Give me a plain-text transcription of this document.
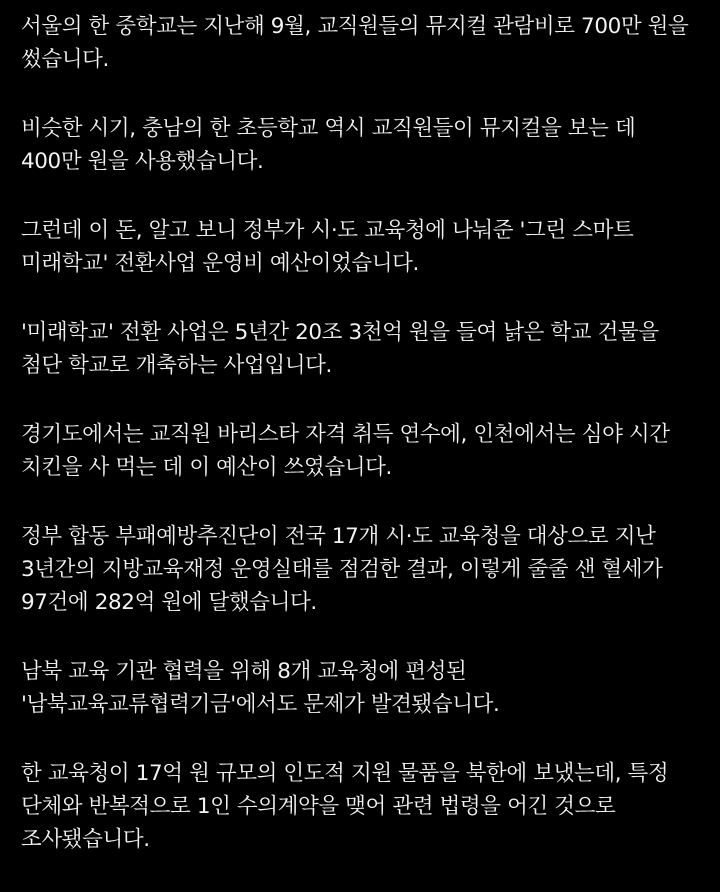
서울의 한 중학교는 지난해 9월, 교직원들의 뮤지컬 관람비로 700만 원을
썼습니다.

비슷한 시기, 충남의 한 초등학교 역시 교직원들이 뮤지컬을 보는 데
400만 원을 사용했습니다.

그런데 이 돈, 알고 보니 정부가 시·도 교육청에 나눠준 '그린 스마트
미래학교' 전환사업 운영비 예산이었습니다.

'미래학교' 전환 사업은 5년간 20조 3천억 원을 들여 낡은 학교 건물을
첨단 학교로 개축하는 사업입니다.

경기도에서는 교직원 바리스타 자격 취득 연수에, 인천에서는 심야 시간
치킨을 사 먹는 데 이 예산이 쓰였습니다.

정부 합동 부패예방추진단이 전국 17개 시·도 교육청을 대상으로 지난
3년간의 지방교육재정 운영실태를 점검한 결과, 이렇게 줄줄 샌 혈세가
97건에 282억 원에 달했습니다.

남북 교육 기관 협력을 위해 8개 교육청에 편성된
'남북교육교류협력기금'에서도 문제가 발견됐습니다.

한 교육청이 17억 원 규모의 인도적 지원 물품을 북한에 보냈는데, 특정
단체와 반복적으로 1인 수의계약을 맺어 관련 법령을 어긴 것으로
조사됐습니다.
